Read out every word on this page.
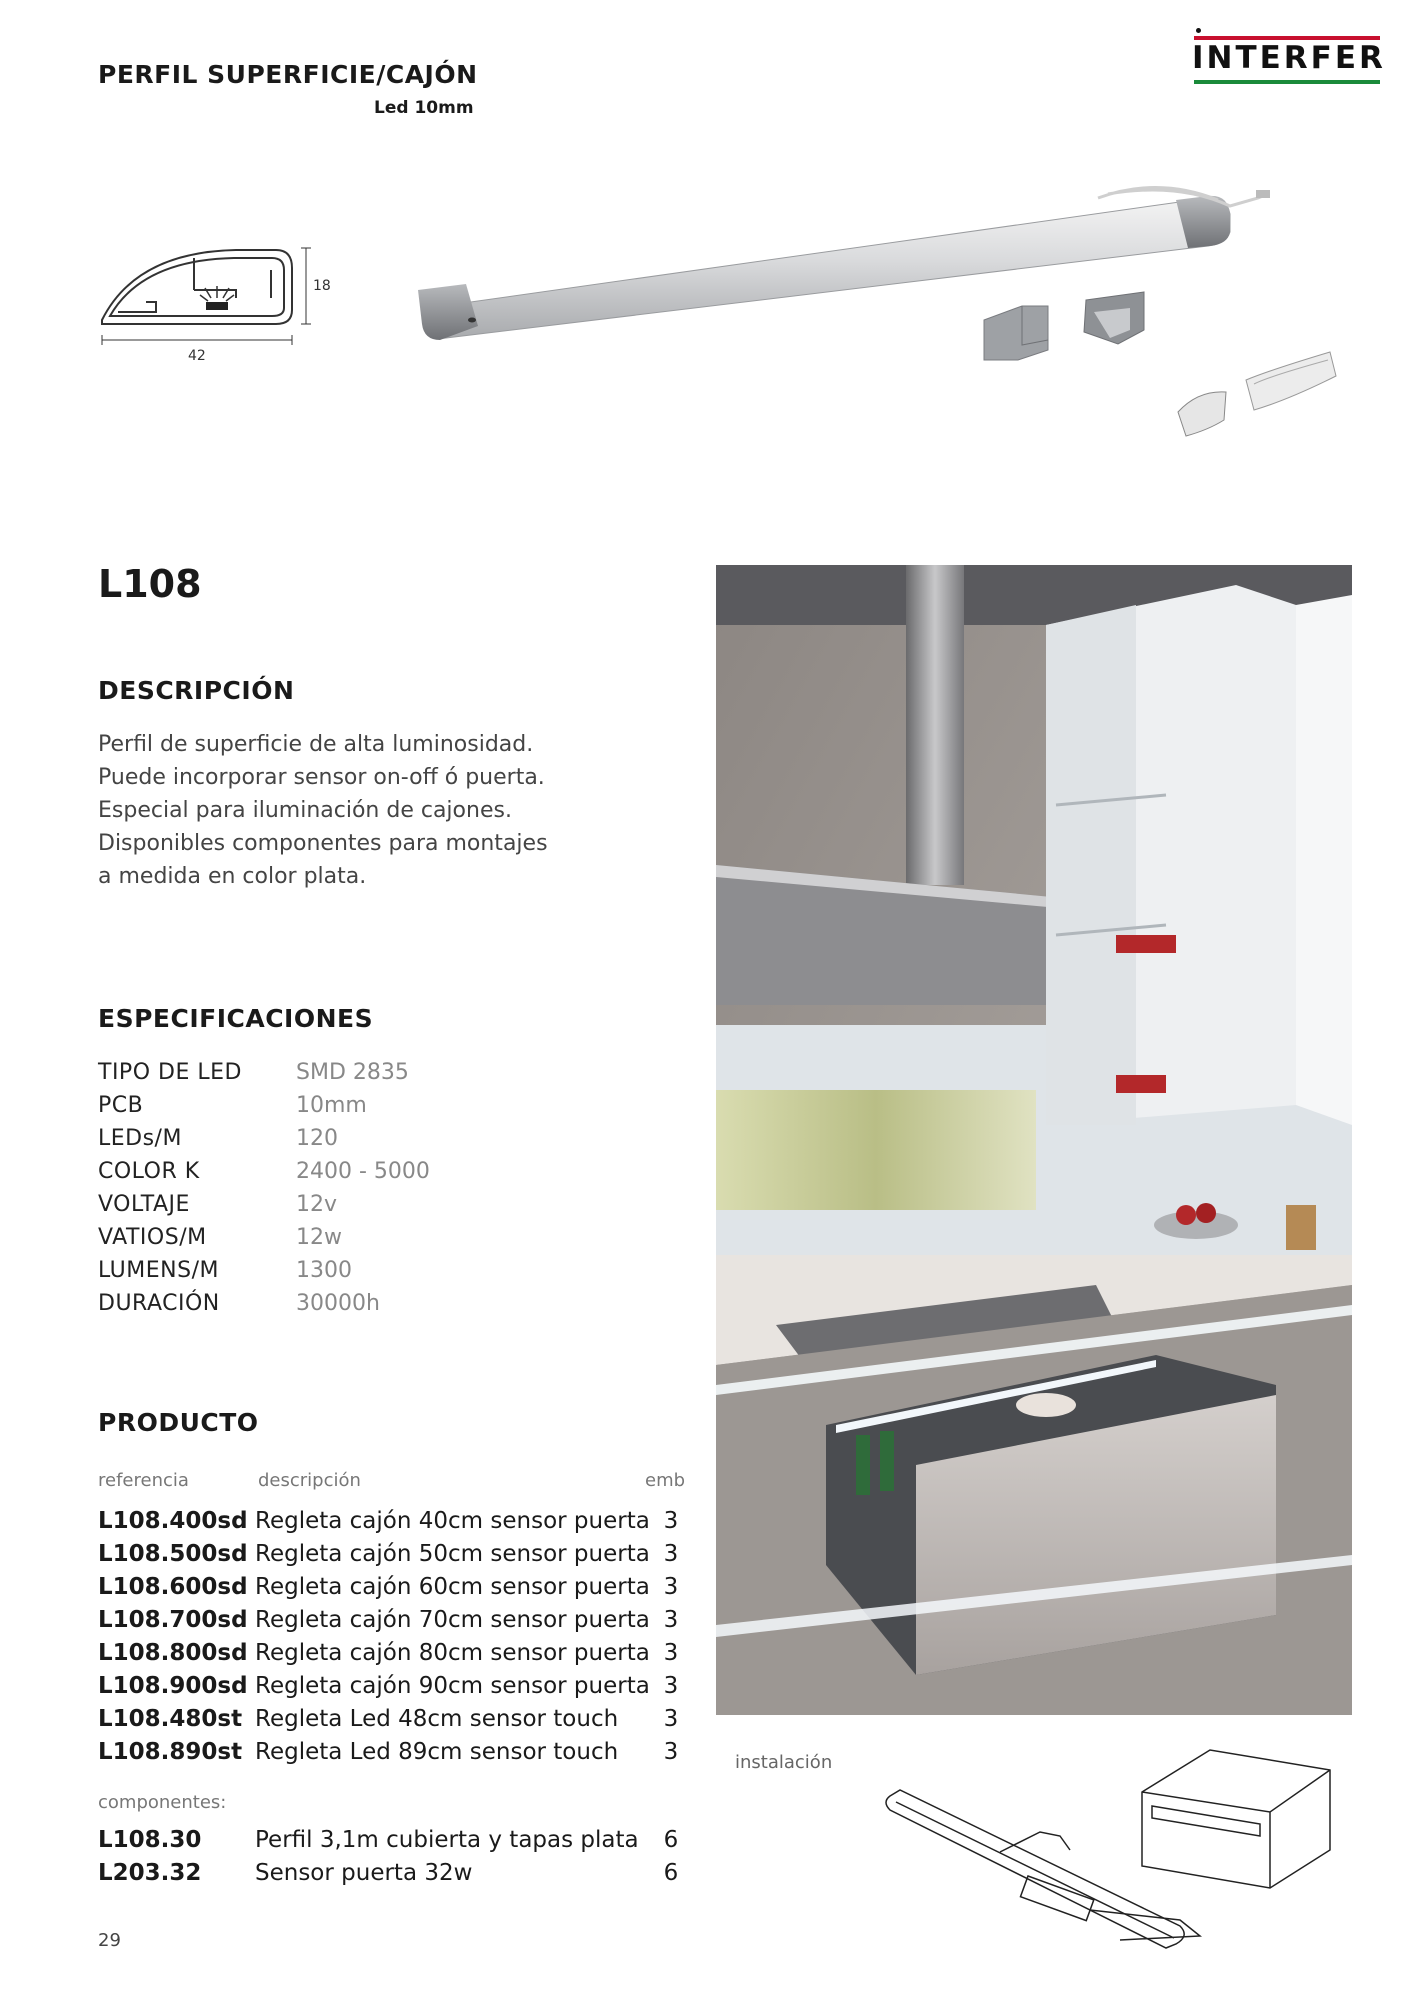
PERFIL SUPERFICIE/CAJÓN
Led 10mm
INTERFER
18
42
L108
DESCRIPCIÓN
Perfil de superficie de alta luminosidad.
Puede incorporar sensor on-off ó puerta.
Especial para iluminación de cajones.
Disponibles componentes para montajes
a medida en color plata.
ESPECIFICACIONES
TIPO DE LED	SMD 2835
PCB	10mm
LEDs/M	120
COLOR K	2400 - 5000
VOLTAJE	12v
VATIOS/M	12w
LUMENS/M	1300
DURACIÓN	30000h
PRODUCTO
referencia	descripción	emb
L108.400sd Regleta cajón 40cm sensor puerta 3
L108.500sd Regleta cajón 50cm sensor puerta 3
L108.600sd Regleta cajón 60cm sensor puerta 3
L108.700sd Regleta cajón 70cm sensor puerta 3
L108.800sd Regleta cajón 80cm sensor puerta 3
L108.900sd Regleta cajón 90cm sensor puerta 3
L108.480st Regleta Led 48cm sensor touch 3
L108.890st Regleta Led 89cm sensor touch 3
componentes:
L108.30 Perfil 3,1m cubierta y tapas plata 6
L203.32 Sensor puerta 32w	6
instalación
29
